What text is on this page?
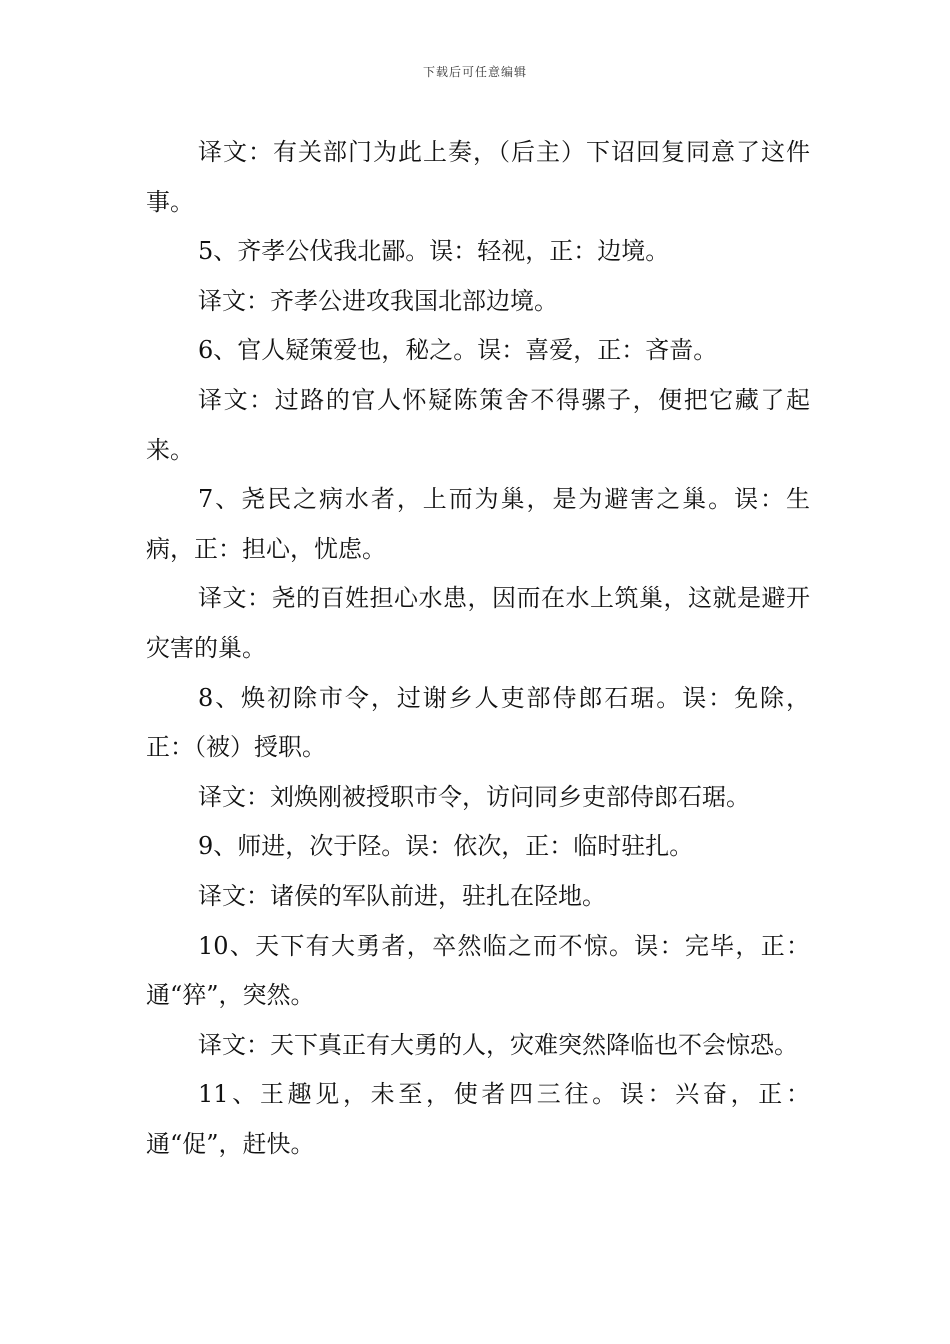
下载后可任意编辑

译文：有关部门为此上奏，（后主）下诏回复同意了这件事。

5、齐孝公伐我北鄙。误：轻视，正：边境。

译文：齐孝公进攻我国北部边境。

6、官人疑策爱也，秘之。误：喜爱，正：吝啬。

译文：过路的官人怀疑陈策舍不得骡子，便把它藏了起来。

7、尧民之病水者，上而为巢，是为避害之巢。误：生病，正：担心，忧虑。

译文：尧的百姓担心水患，因而在水上筑巢，这就是避开灾害的巢。

8、焕初除市令，过谢乡人吏部侍郎石琚。误：免除，正：（被）授职。

译文：刘焕刚被授职市令，访问同乡吏部侍郎石琚。

9、师进，次于陉。误：依次，正：临时驻扎。

译文：诸侯的军队前进，驻扎在陉地。

10、天下有大勇者，卒然临之而不惊。误：完毕，正：通“猝”，突然。

译文：天下真正有大勇的人，灾难突然降临也不会惊恐。

11、王趣见，未至，使者四三往。误：兴奋，正：通“促”，赶快。
